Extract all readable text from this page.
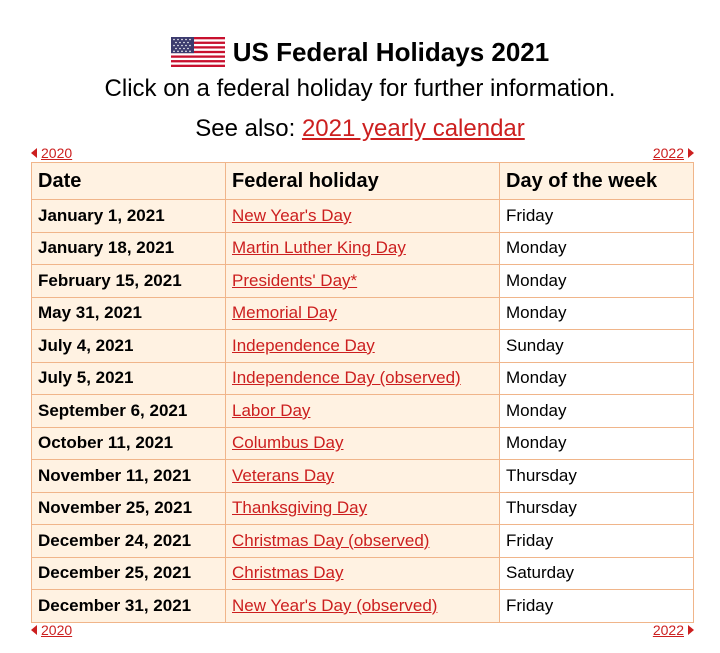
US Federal Holidays 2021

Click on a federal holiday for further information.

See also: 2021 yearly calendar

2020	2022
Date	Federal holiday	Day of the week
January 1, 2021	New Year's Day	Friday
January 18, 2021	Martin Luther King Day	Monday
February 15, 2021	Presidents' Day*	Monday
May 31, 2021	Memorial Day	Monday
July 4, 2021	Independence Day	Sunday
July 5, 2021	Independence Day (observed)	Monday
September 6, 2021	Labor Day	Monday
October 11, 2021	Columbus Day	Monday
November 11, 2021	Veterans Day	Thursday
November 25, 2021	Thanksgiving Day	Thursday
December 24, 2021	Christmas Day (observed)	Friday
December 25, 2021	Christmas Day	Saturday
December 31, 2021	New Year's Day (observed)	Friday
2020	2022
